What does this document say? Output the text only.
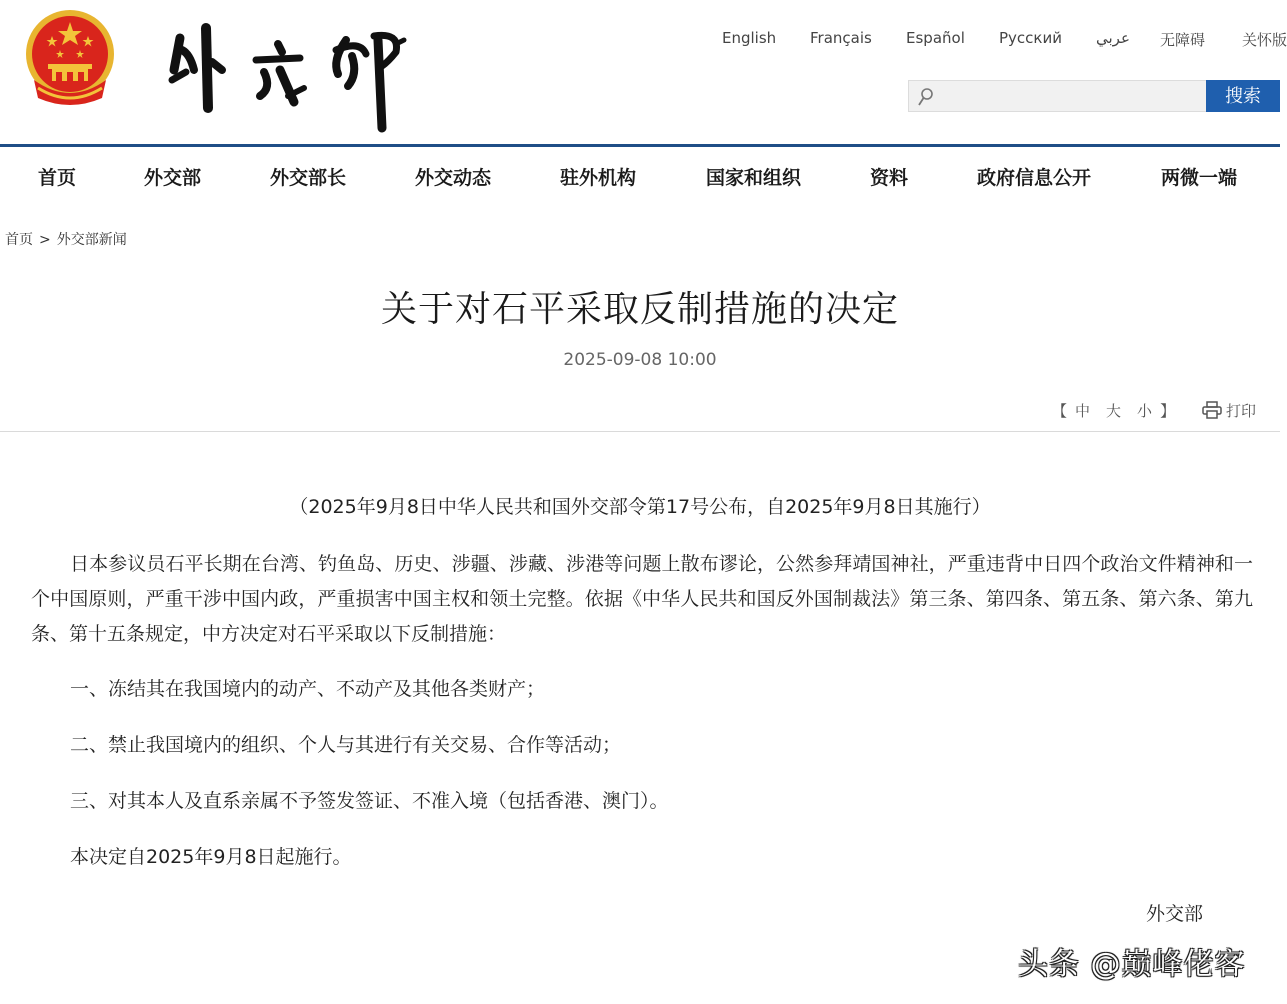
English Français Español Русский عربي 无障碍 关怀版
搜索
首页	外交部	外交部长	外交动态	驻外机构	国家和组织	资料	政府信息公开	两微一端
首页 > 外交部新闻
关于对石平采取反制措施的决定
2025-09-08 10:00
【 中 大 小 】	打印
（2025年9月8日中华人民共和国外交部令第17号公布，自2025年9月8日其施行）
日本参议员石平长期在台湾、钓鱼岛、历史、涉疆、涉藏、涉港等问题上散布谬论，公然参拜靖国神社，严重违背中日四个政治文件精神和一个中国原则，严重干涉中国内政，严重损害中国主权和领土完整。依据《中华人民共和国反外国制裁法》第三条、第四条、第五条、第六条、第九条、第十五条规定，中方决定对石平采取以下反制措施：
一、冻结其在我国境内的动产、不动产及其他各类财产；
二、禁止我国境内的组织、个人与其进行有关交易、合作等活动；
三、对其本人及直系亲属不予签发签证、不准入境（包括香港、澳门）。
本决定自2025年9月8日起施行。
外交部
头条 @巅峰佬客
